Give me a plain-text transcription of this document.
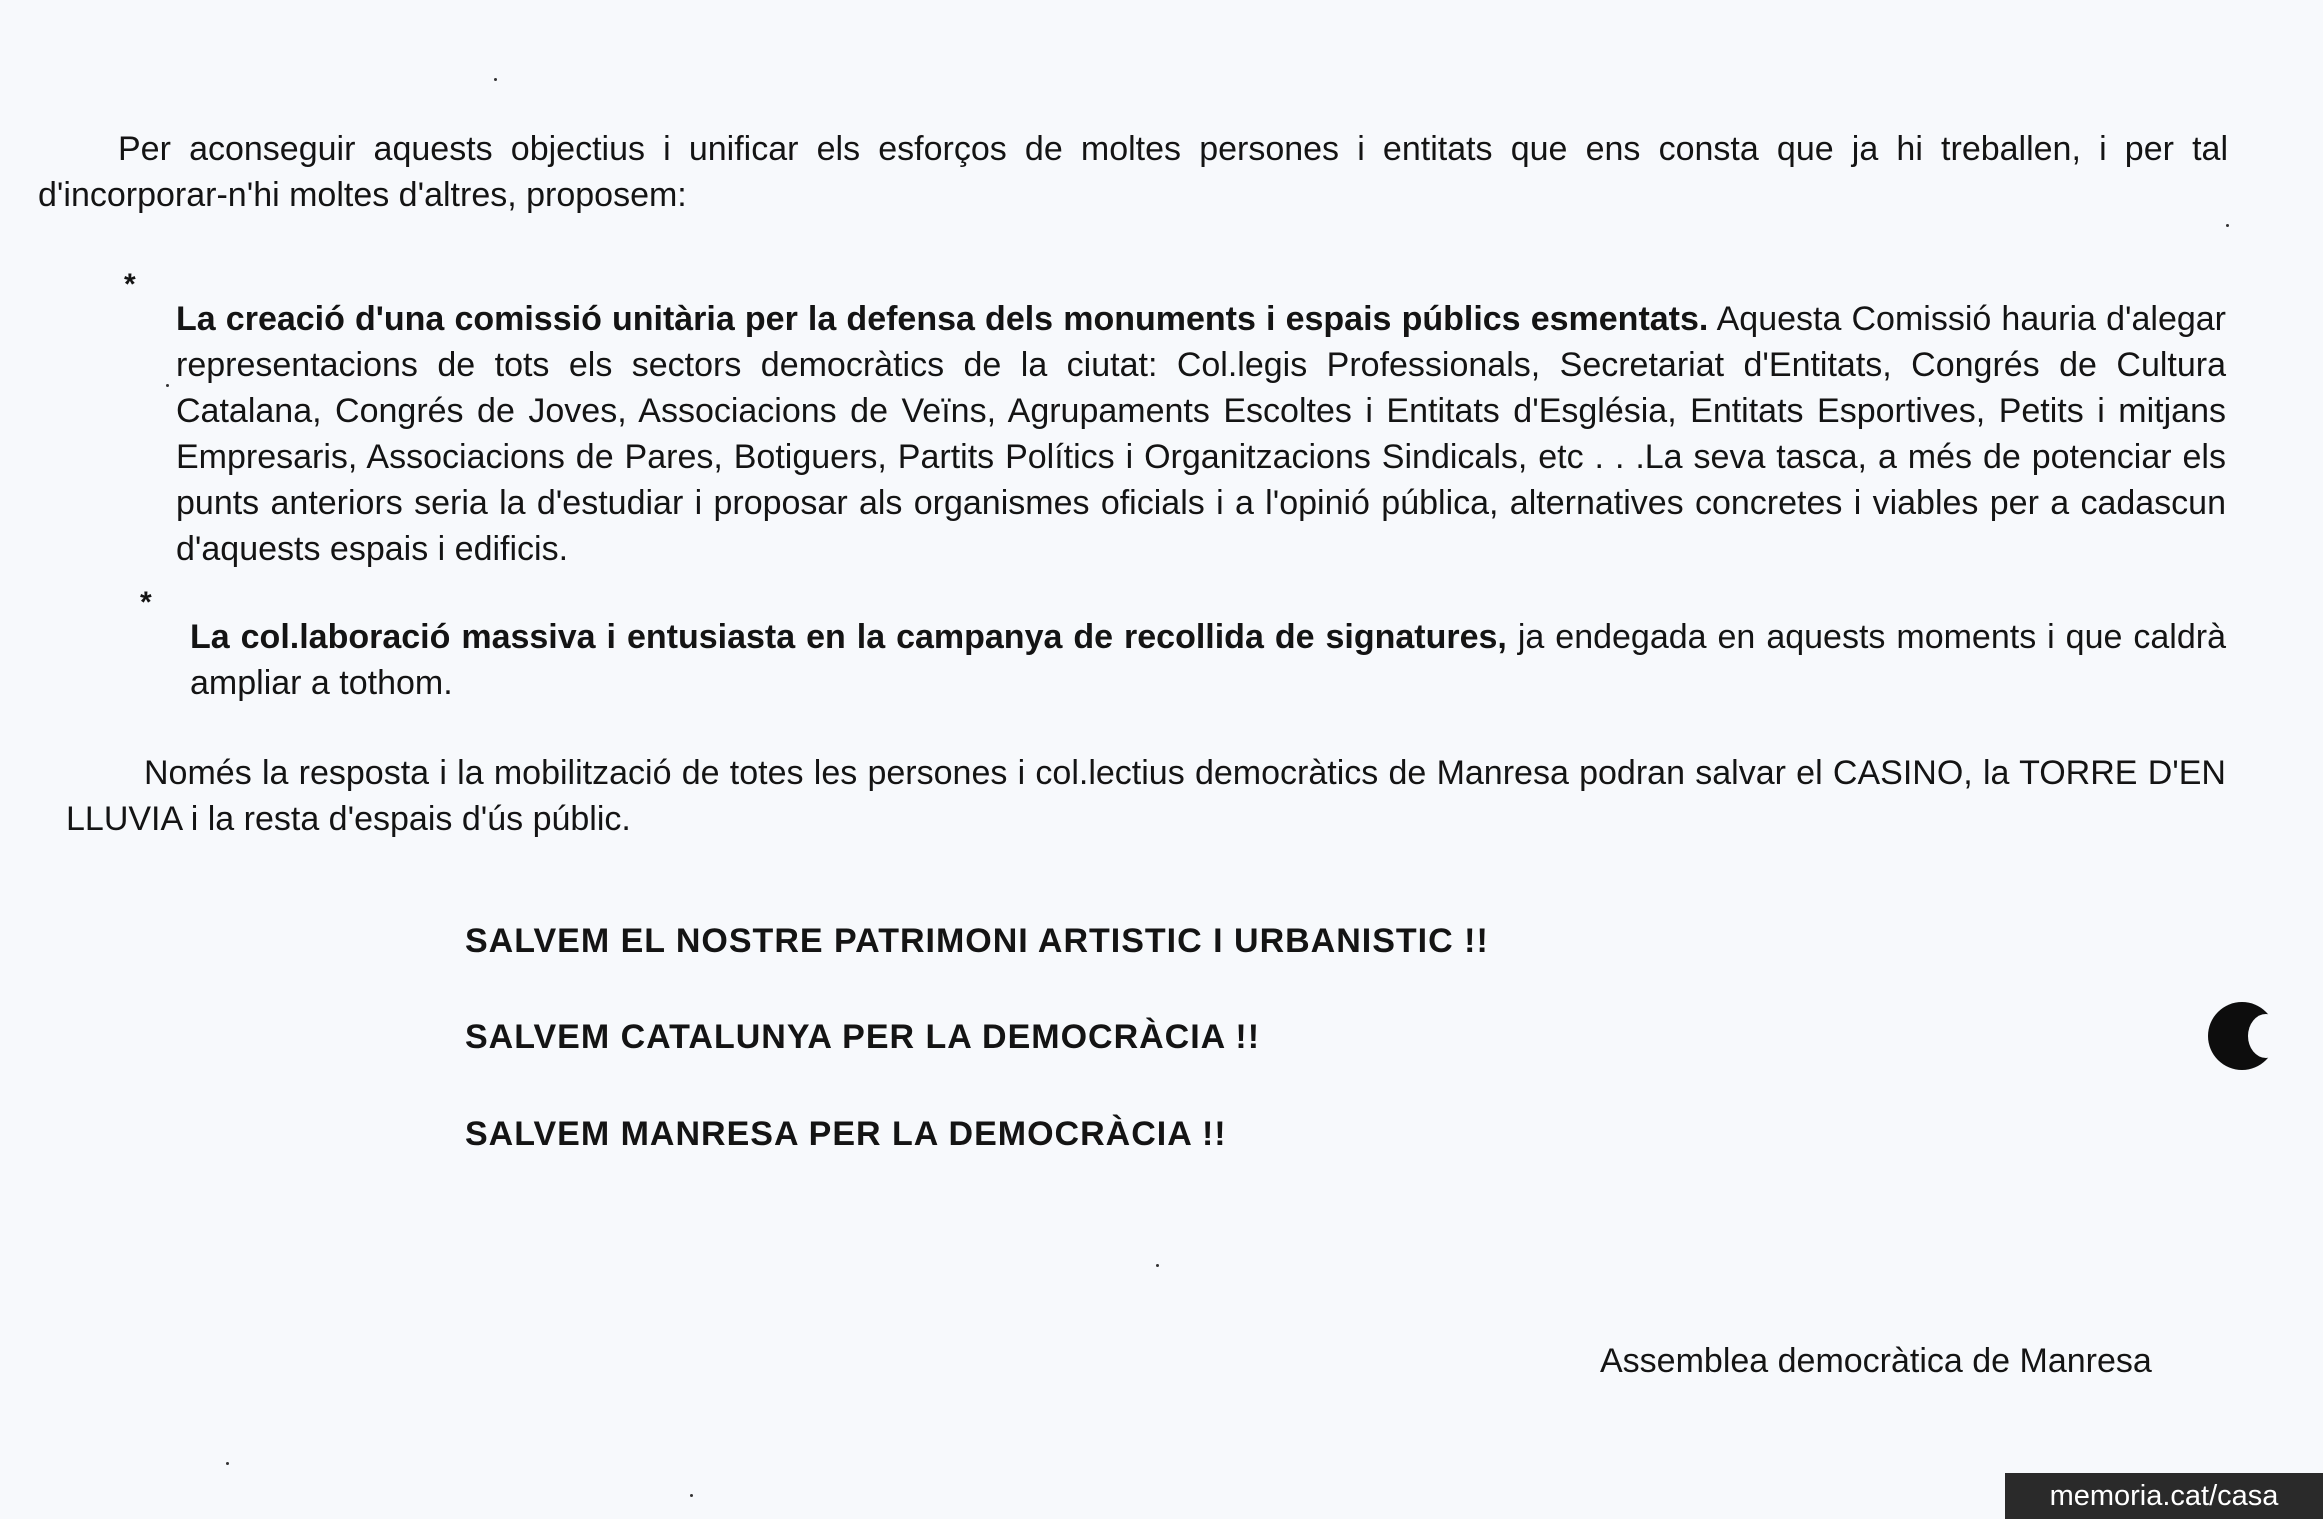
Per aconseguir aquests objectius i unificar els esforços de moltes persones i entitats que ens consta que ja hi treballen, i per tal d'incorporar-n'hi moltes d'altres, proposem:

*

La creació d'una comissió unitària per la defensa dels monuments i espais públics esmentats. Aquesta Comissió hauria d'alegar representacions de tots els sectors democràtics de la ciutat: Col.legis Professionals, Secretariat d'Entitats, Congrés de Cultura Catalana, Congrés de Joves, Associacions de Veïns, Agrupaments Escoltes i Entitats d'Església, Entitats Esportives, Petits i mitjans Empresaris, Associacions de Pares, Botiguers, Partits Polítics i Organitzacions Sindicals, etc . . .La seva tasca, a més de potenciar els punts anteriors seria la d'estudiar i proposar als organismes oficials i a l'opinió pública, alternatives concretes i viables per a cadascun d'aquests espais i edificis.

*

La col.laboració massiva i entusiasta en la campanya de recollida de signatures, ja endegada en aquests moments i que caldrà ampliar a tothom.

Només la resposta i la mobilització de totes les persones i col.lectius democràtics de Manresa podran salvar el CASINO, la TORRE D'EN LLUVIA i la resta d'espais d'ús públic.

SALVEM EL NOSTRE PATRIMONI ARTISTIC I URBANISTIC !!
SALVEM CATALUNYA PER LA DEMOCRÀCIA !!
SALVEM MANRESA PER LA DEMOCRÀCIA !!
Assemblea democràtica de Manresa
memoria.cat/casa
